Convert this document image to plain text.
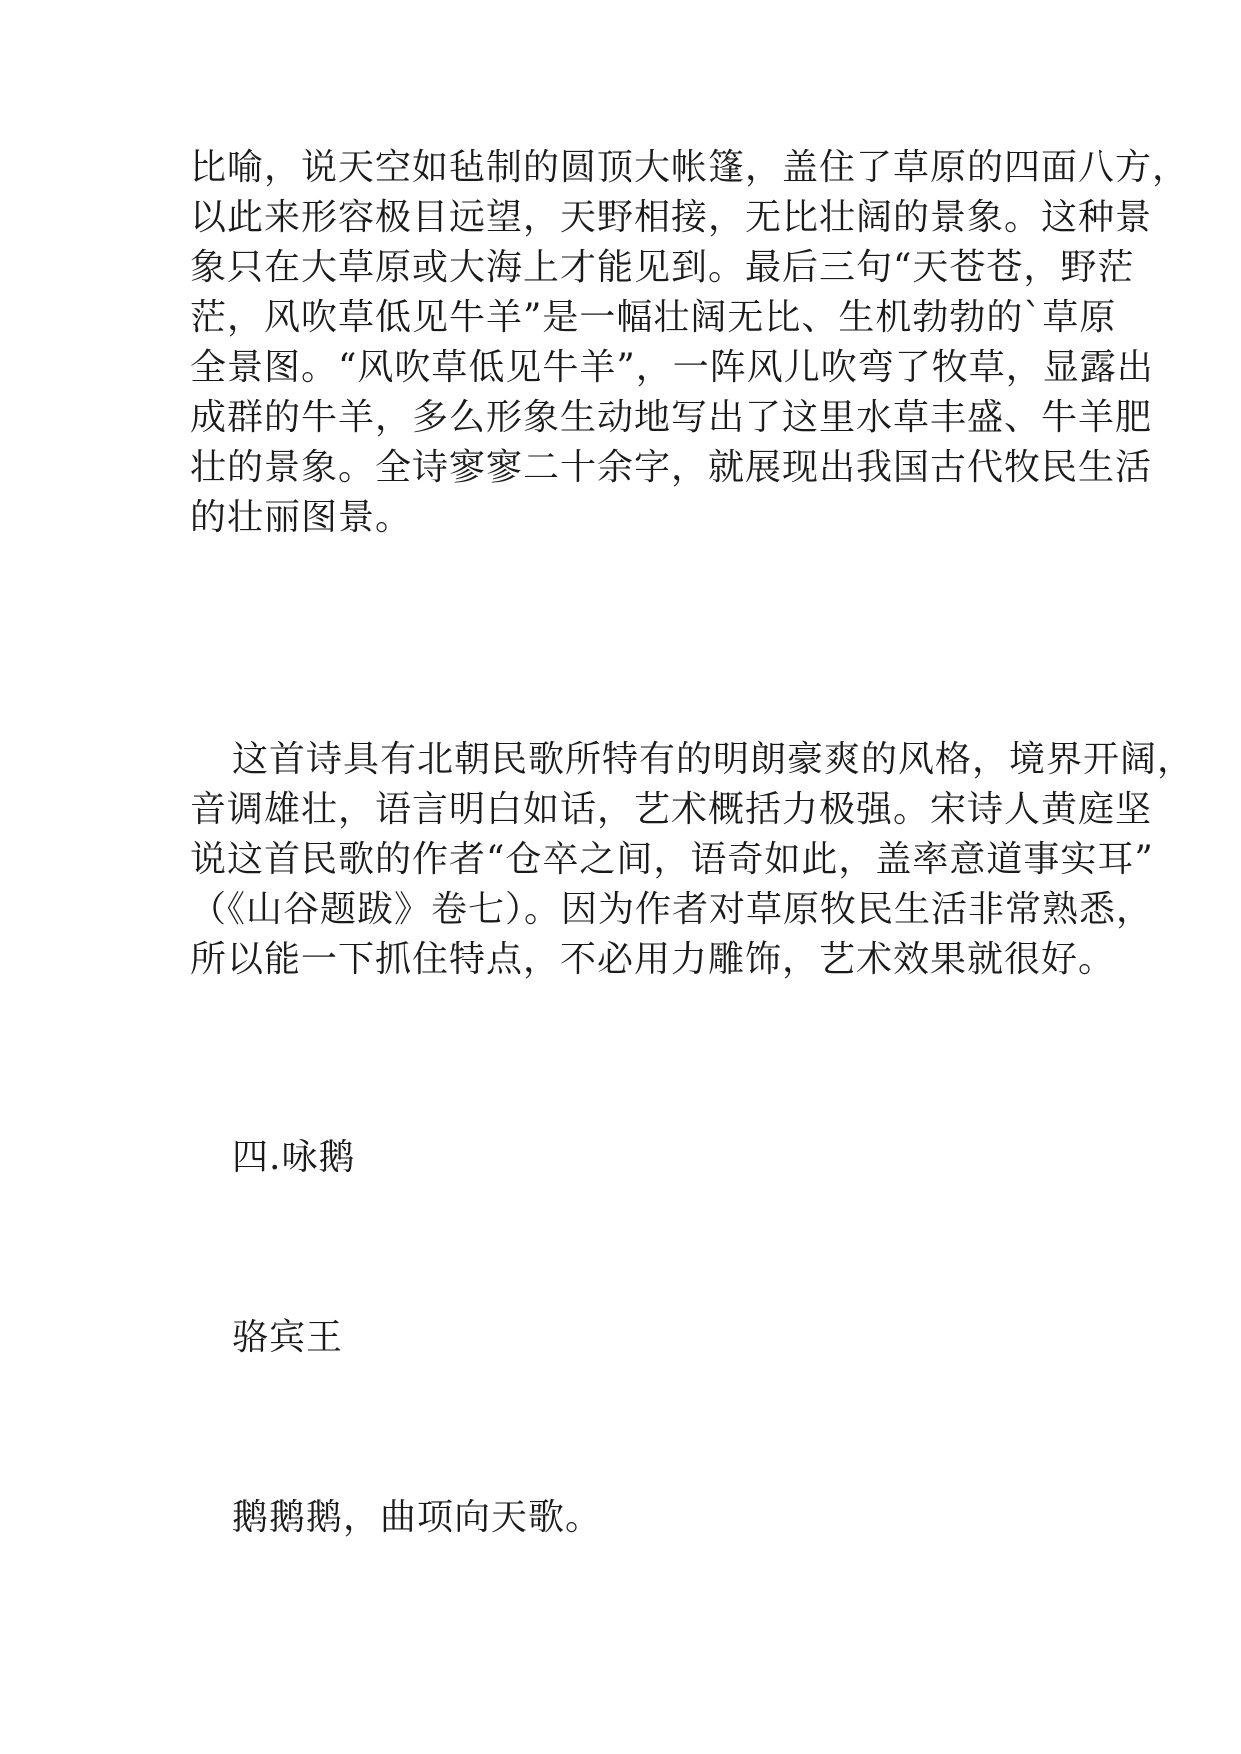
比喻，说天空如毡制的圆顶大帐篷，盖住了草原的四面八方，
以此来形容极目远望，天野相接，无比壮阔的景象。这种景
象只在大草原或大海上才能见到。最后三句“天苍苍，野茫
茫，风吹草低见牛羊”是一幅壮阔无比、生机勃勃的`草原
全景图。“风吹草低见牛羊”，一阵风儿吹弯了牧草，显露出
成群的牛羊，多么形象生动地写出了这里水草丰盛、牛羊肥
壮的景象。全诗寥寥二十余字，就展现出我国古代牧民生活
的壮丽图景。
这首诗具有北朝民歌所特有的明朗豪爽的风格，境界开阔，
音调雄壮，语言明白如话，艺术概括力极强。宋诗人黄庭坚
说这首民歌的作者“仓卒之间，语奇如此，盖率意道事实耳”
（《山谷题跋》卷七）。因为作者对草原牧民生活非常熟悉，
所以能一下抓住特点，不必用力雕饰，艺术效果就很好。
四.咏鹅
骆宾王
鹅鹅鹅，曲项向天歌。
